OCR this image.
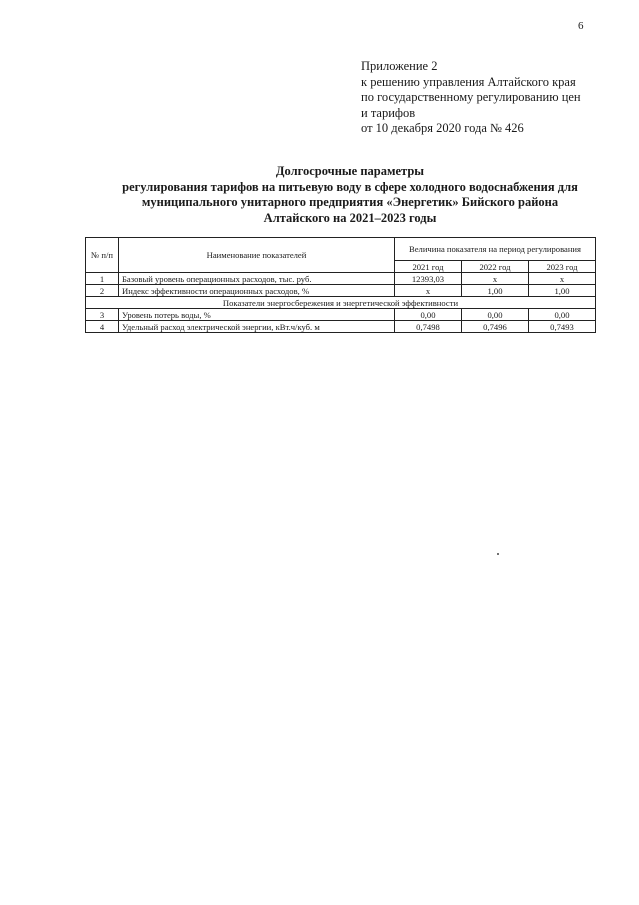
6
Приложение 2
к решению управления Алтайского края
по государственному регулированию цен
и тарифов
от 10 декабря 2020 года № 426
Долгосрочные параметры
регулирования тарифов на питьевую воду в сфере холодного водоснабжения для
муниципального унитарного предприятия «Энергетик» Бийского района
Алтайского на 2021–2023 годы
№ п/п	Наименование показателей	Величина показателя на период регулирования		
		2021 год	2022 год	2023 год
1	Базовый уровень операционных расходов, тыс. руб.	12393,03	х	х
2	Индекс эффективности операционных расходов, %	х	1,00	1,00
Показатели энергосбережения и энергетической эффективности				
3	Уровень потерь воды, %	0,00	0,00	0,00
4	Удельный расход электрической энергии, кВт.ч/куб. м	0,7498	0,7496	0,7493
